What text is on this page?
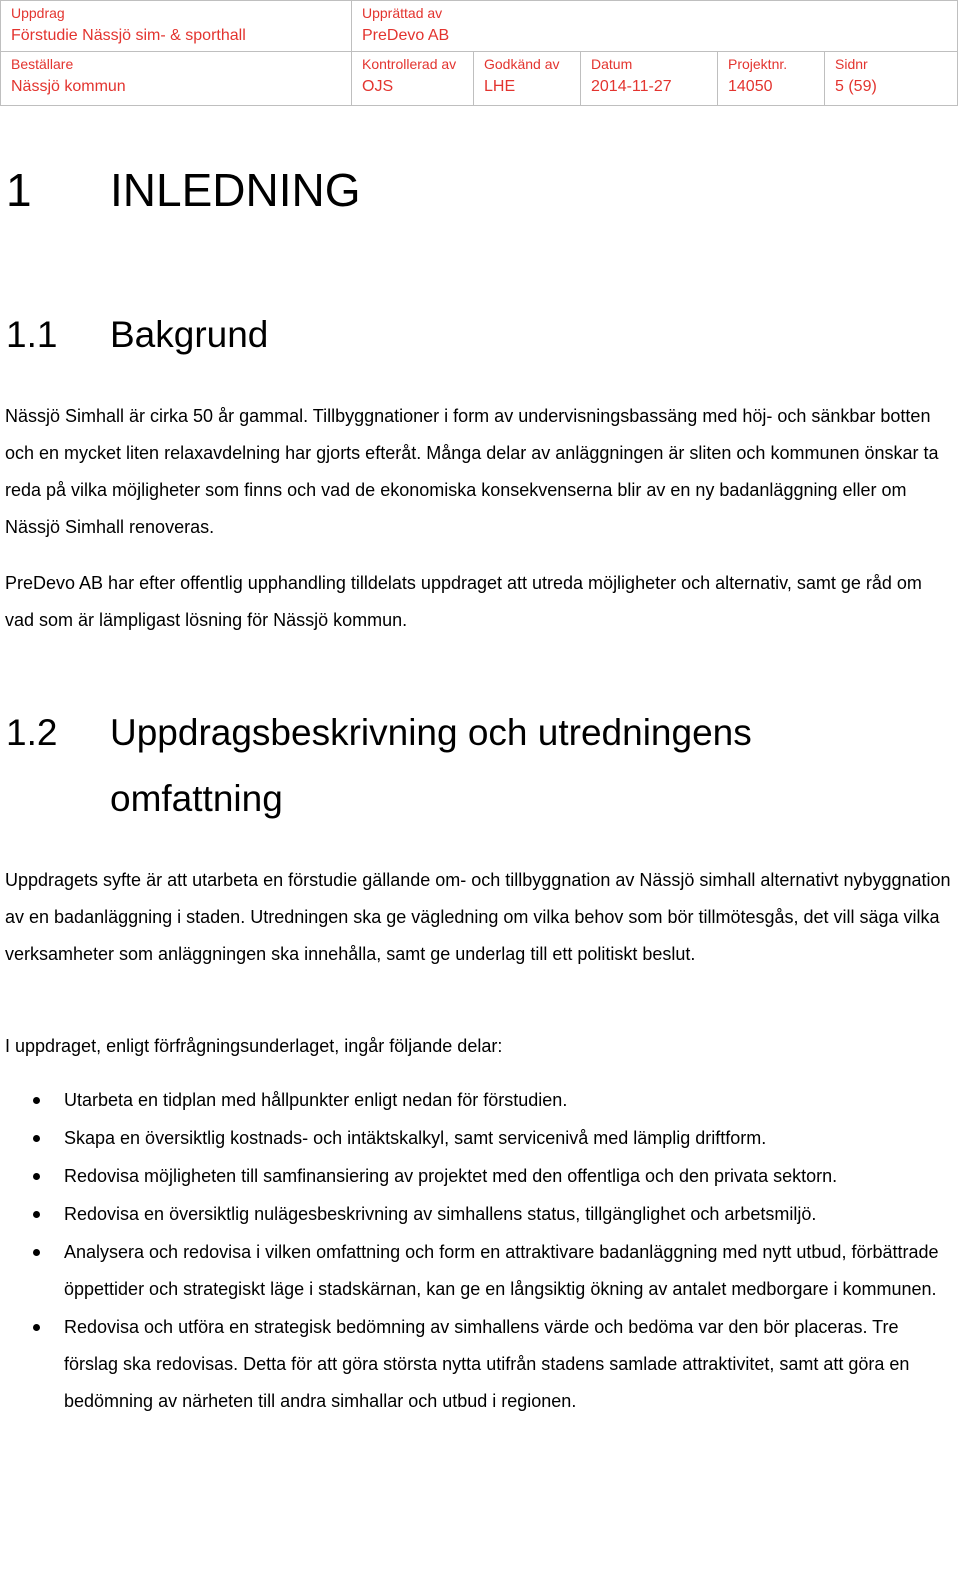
Uppdrag
Förstudie Nässjö sim- & sporthall
Upprättad av
PreDevo AB
Beställare
Nässjö kommun
Kontrollerad av
OJS
Godkänd av
LHE
Datum
2014-11-27
Projektnr.
14050
Sidnr
5 (59)
1 INLEDNING
1.1 Bakgrund

Nässjö Simhall är cirka 50 år gammal. Tillbyggnationer i form av undervisningsbassäng med höj- och sänkbar botten och en mycket liten relaxavdelning har gjorts efteråt. Många delar av anläggningen är sliten och kommunen önskar ta reda på vilka möjligheter som finns och vad de ekonomiska konsekvenserna blir av en ny badanläggning eller om Nässjö Simhall renoveras.

PreDevo AB har efter offentlig upphandling tilldelats uppdraget att utreda möjligheter och alternativ, samt ge råd om vad som är lämpligast lösning för Nässjö kommun.

1.2 Uppdragsbeskrivning och utredningens omfattning

Uppdragets syfte är att utarbeta en förstudie gällande om- och tillbyggnation av Nässjö simhall alternativt nybyggnation av en badanläggning i staden. Utredningen ska ge vägledning om vilka behov som bör tillmötesgås, det vill säga vilka verksamheter som anläggningen ska innehålla, samt ge underlag till ett politiskt beslut.

I uppdraget, enligt förfrågningsunderlaget, ingår följande delar:

Utarbeta en tidplan med hållpunkter enligt nedan för förstudien.
Skapa en översiktlig kostnads- och intäktskalkyl, samt servicenivå med lämplig driftform.
Redovisa möjligheten till samfinansiering av projektet med den offentliga och den privata sektorn.
Redovisa en översiktlig nulägesbeskrivning av simhallens status, tillgänglighet och arbetsmiljö.
Analysera och redovisa i vilken omfattning och form en attraktivare badanläggning med nytt utbud, förbättrade öppettider och strategiskt läge i stadskärnan, kan ge en långsiktig ökning av antalet medborgare i kommunen.
Redovisa och utföra en strategisk bedömning av simhallens värde och bedöma var den bör placeras. Tre förslag ska redovisas. Detta för att göra största nytta utifrån stadens samlade attraktivitet, samt att göra en bedömning av närheten till andra simhallar och utbud i regionen.
